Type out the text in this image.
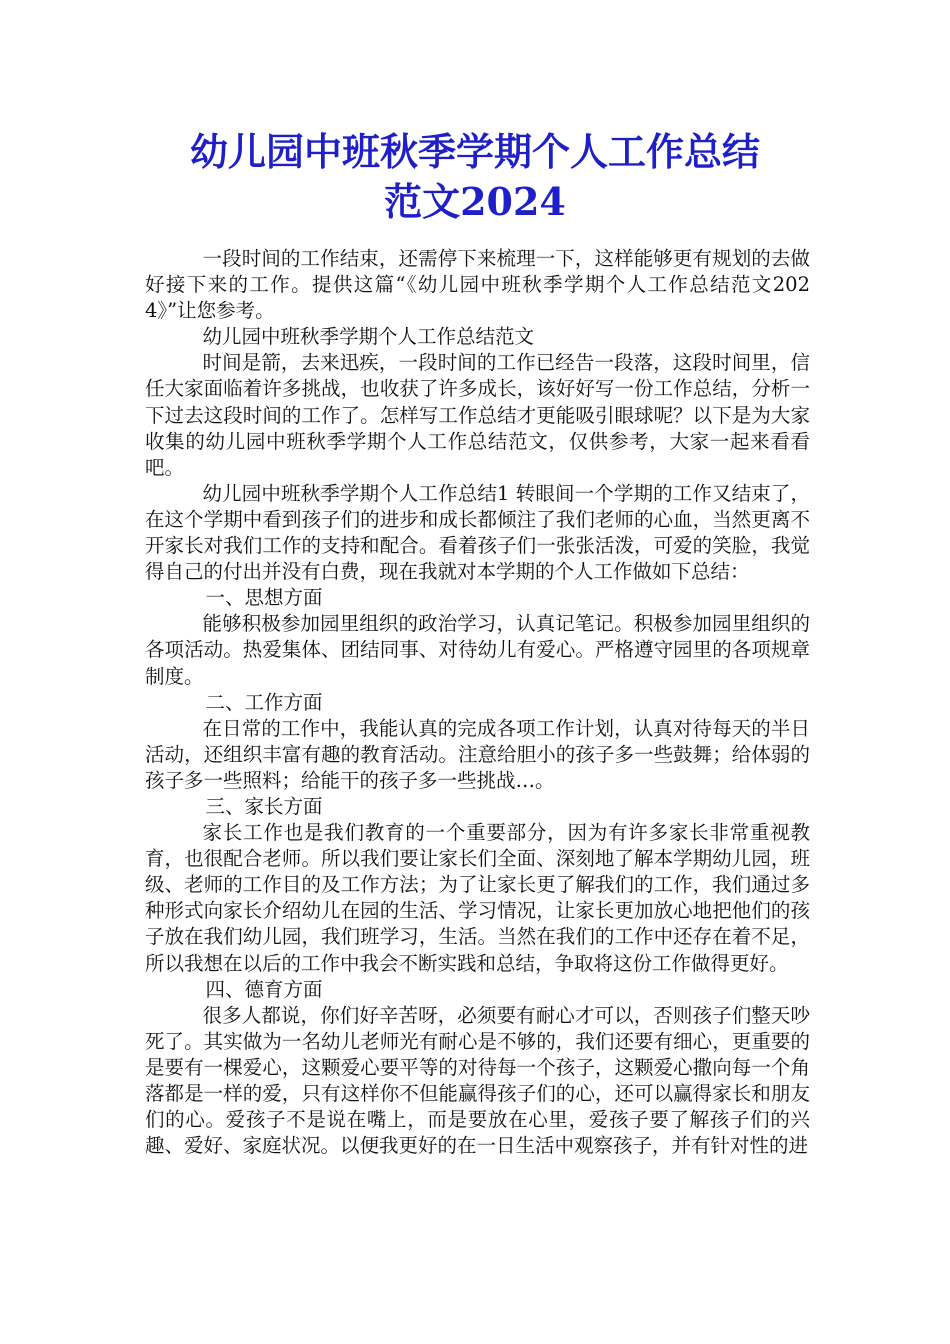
幼儿园中班秋季学期个人工作总结
范文2024

一段时间的工作结束，还需停下来梳理一下，这样能够更有规划的去做好接下来的工作。提供这篇“《幼儿园中班秋季学期个人工作总结范文2024》”让您参考。

幼儿园中班秋季学期个人工作总结范文

时间是箭，去来迅疾，一段时间的工作已经告一段落，这段时间里，信任大家面临着许多挑战，也收获了许多成长，该好好写一份工作总结，分析一下过去这段时间的工作了。怎样写工作总结才更能吸引眼球呢？以下是为大家收集的幼儿园中班秋季学期个人工作总结范文，仅供参考，大家一起来看看吧。

幼儿园中班秋季学期个人工作总结1 转眼间一个学期的工作又结束了，在这个学期中看到孩子们的进步和成长都倾注了我们老师的心血，当然更离不开家长对我们工作的支持和配合。看着孩子们一张张活泼，可爱的笑脸，我觉得自己的付出并没有白费，现在我就对本学期的个人工作做如下总结：

一、思想方面

能够积极参加园里组织的政治学习，认真记笔记。积极参加园里组织的各项活动。热爱集体、团结同事、对待幼儿有爱心。严格遵守园里的各项规章制度。

二、工作方面

在日常的工作中，我能认真的完成各项工作计划，认真对待每天的半日活动，还组织丰富有趣的教育活动。注意给胆小的孩子多一些鼓舞；给体弱的孩子多一些照料；给能干的孩子多一些挑战…。

三、家长方面

家长工作也是我们教育的一个重要部分，因为有许多家长非常重视教育，也很配合老师。所以我们要让家长们全面、深刻地了解本学期幼儿园，班级、老师的工作目的及工作方法；为了让家长更了解我们的工作，我们通过多种形式向家长介绍幼儿在园的生活、学习情况，让家长更加放心地把他们的孩子放在我们幼儿园，我们班学习，生活。当然在我们的工作中还存在着不足，所以我想在以后的工作中我会不断实践和总结，争取将这份工作做得更好。

四、德育方面

很多人都说，你们好辛苦呀，必须要有耐心才可以，否则孩子们整天吵死了。其实做为一名幼儿老师光有耐心是不够的，我们还要有细心，更重要的是要有一棵爱心，这颗爱心要平等的对待每一个孩子，这颗爱心撒向每一个角落都是一样的爱，只有这样你不但能赢得孩子们的心，还可以赢得家长和朋友们的心。爱孩子不是说在嘴上，而是要放在心里，爱孩子要了解孩子们的兴趣、爱好、家庭状况。以便我更好的在一日生活中观察孩子，并有针对性的进
